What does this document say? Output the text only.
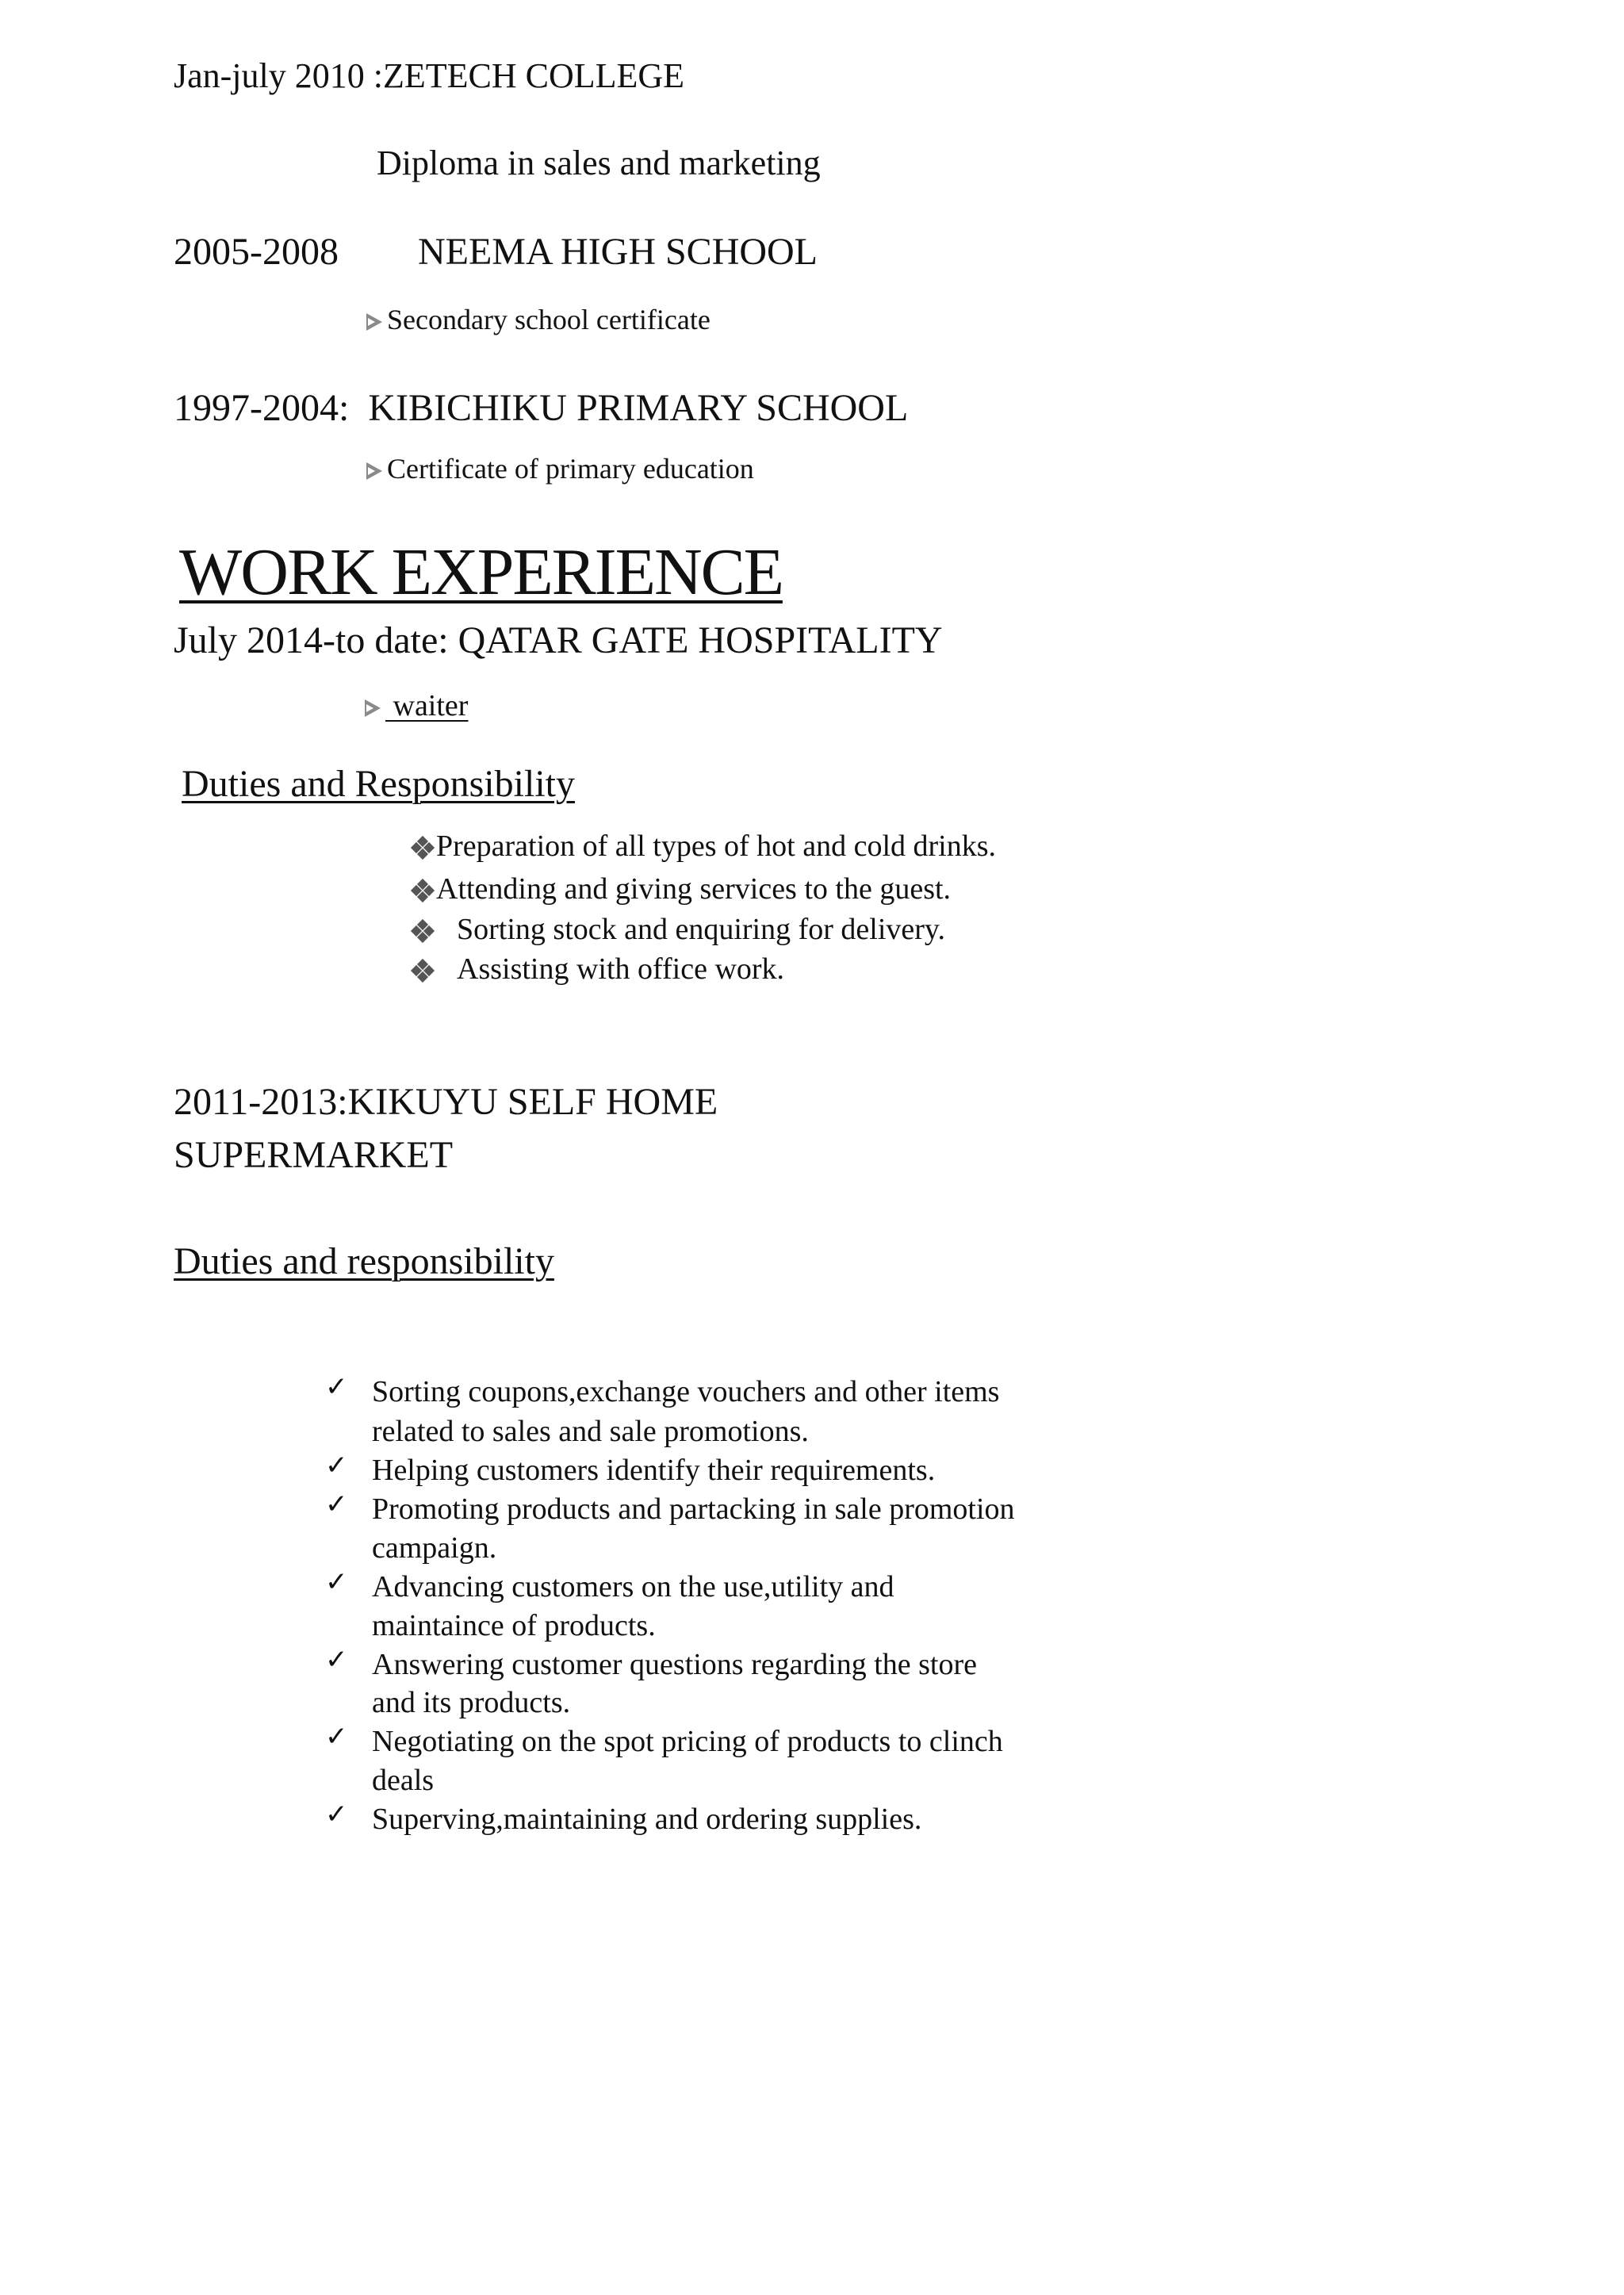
Jan-july 2010 :ZETECH COLLEGE
Diploma in sales and marketing
2005-2008 NEEMA HIGH SCHOOL
Secondary school certificate
1997-2004: KIBICHIKU PRIMARY SCHOOL
Certificate of primary education
WORK EXPERIENCE
July 2014-to date: QATAR GATE HOSPITALITY
waiter
Duties and Responsibility
Preparation of all types of hot and cold drinks.
Attending and giving services to the guest.
Sorting stock and enquiring for delivery.
Assisting with office work.
2011-2013:KIKUYU SELF HOME
SUPERMARKET
Duties and responsibility
✓ Sorting coupons,exchange vouchers and other items
related to sales and sale promotions.
✓ Helping customers identify their requirements.
✓ Promoting products and partacking in sale promotion
campaign.
✓ Advancing customers on the use,utility and
maintaince of products.
✓ Answering customer questions regarding the store
and its products.
✓ Negotiating on the spot pricing of products to clinch
deals
✓ Superving,maintaining and ordering supplies.
